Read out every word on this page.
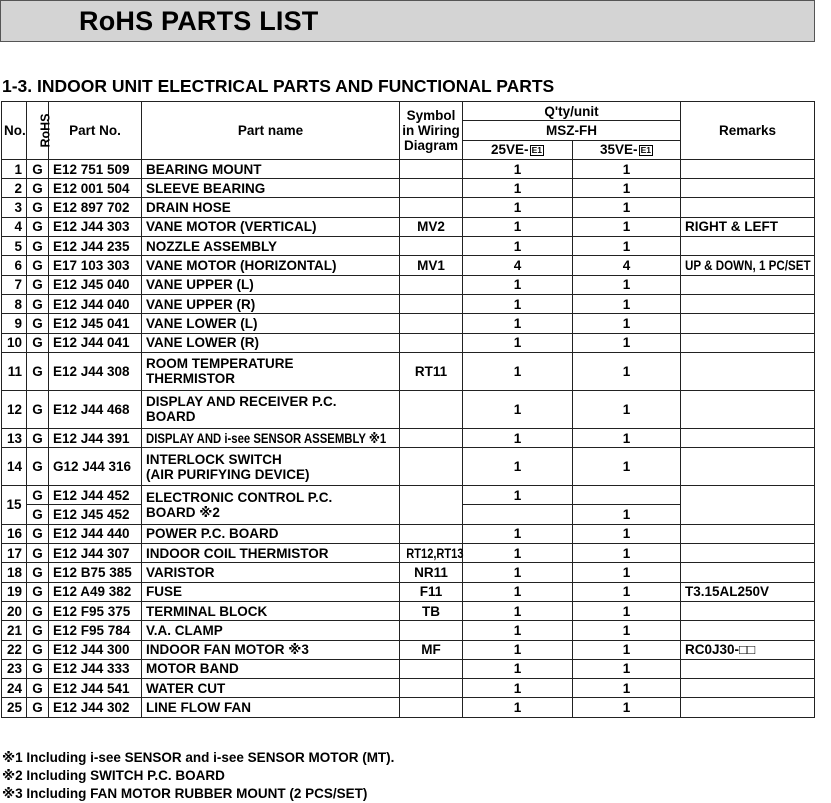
RoHS PARTS LIST
1-3. INDOOR UNIT ELECTRICAL PARTS AND FUNCTIONAL PARTS
No.	RoHS	Part No.	Part name	Symbol
in Wiring
Diagram	Q'ty/unit		Remarks
					MSZ-FH		
					25VE- E1	35VE- E1	
1	G	E12 751 509	BEARING MOUNT		1	1	
2	G	E12 001 504	SLEEVE BEARING		1	1	
3	G	E12 897 702	DRAIN HOSE		1	1	
4	G	E12 J44 303	VANE MOTOR (VERTICAL)	MV2	1	1	RIGHT & LEFT
5	G	E12 J44 235	NOZZLE ASSEMBLY		1	1	
6	G	E17 103 303	VANE MOTOR (HORIZONTAL)	MV1	4	4	UP & DOWN, 1 PC/SET
7	G	E12 J45 040	VANE UPPER (L)		1	1	
8	G	E12 J44 040	VANE UPPER (R)		1	1	
9	G	E12 J45 041	VANE LOWER (L)		1	1	
10	G	E12 J44 041	VANE LOWER (R)		1	1	
11	G	E12 J44 308	ROOM TEMPERATURE
THERMISTOR	RT11	1	1	
12	G	E12 J44 468	DISPLAY AND RECEIVER P.C.
BOARD		1	1	
13	G	E12 J44 391	DISPLAY AND i-see SENSOR ASSEMBLY ※1		1	1	
14	G	G12 J44 316	INTERLOCK SWITCH
(AIR PURIFYING DEVICE)		1	1	
15	G	E12 J44 452	ELECTRONIC CONTROL P.C.
BOARD ※2		1		
	G	E12 J45 452				1	
16	G	E12 J44 440	POWER P.C. BOARD		1	1	
17	G	E12 J44 307	INDOOR COIL THERMISTOR	RT12,RT13	1	1	
18	G	E12 B75 385	VARISTOR	NR11	1	1	
19	G	E12 A49 382	FUSE	F11	1	1	T3.15AL250V
20	G	E12 F95 375	TERMINAL BLOCK	TB	1	1	
21	G	E12 F95 784	V.A. CLAMP		1	1	
22	G	E12 J44 300	INDOOR FAN MOTOR ※3	MF	1	1	RC0J30-□□
23	G	E12 J44 333	MOTOR BAND		1	1	
24	G	E12 J44 541	WATER CUT		1	1	
25	G	E12 J44 302	LINE FLOW FAN		1	1	
※1 Including i-see SENSOR and i-see SENSOR MOTOR (MT).
※2 Including SWITCH P.C. BOARD
※3 Including FAN MOTOR RUBBER MOUNT (2 PCS/SET)
